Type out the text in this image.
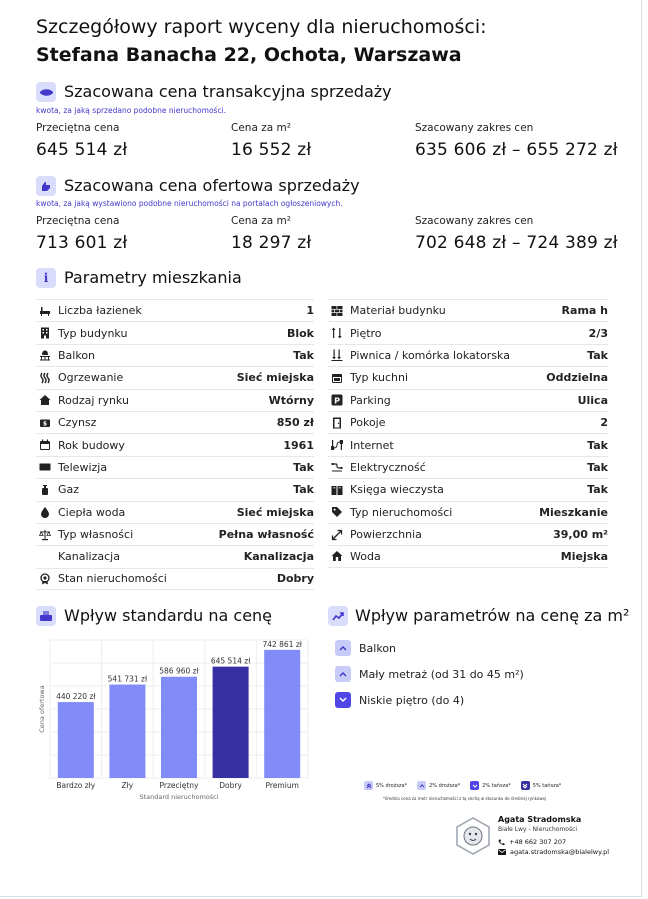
Szczegółowy raport wyceny dla nieruchomości:
Stefana Banacha 22, Ochota, Warszawa
Szacowana cena transakcyjna sprzedaży
kwota, za jaką sprzedano podobne nieruchomości.
Przeciętna cena
645 514 zł
Cena za m²
16 552 zł
Szacowany zakres cen
635 606 zł – 655 272 zł
Szacowana cena ofertowa sprzedaży
kwota, za jaką wystawiono podobne nieruchomości na portalach ogłoszeniowych.
Przeciętna cena
713 601 zł
Cena za m²
18 297 zł
Szacowany zakres cen
702 648 zł – 724 389 zł
i Parametry mieszkania
Liczba łazienek	1
Typ budynku	Blok
Balkon	Tak
Ogrzewanie	Sieć miejska
Rodzaj rynku	Wtórny
$ Czynsz	850 zł
Rok budowy	1961
Telewizja	Tak
Gaz	Tak
Ciepła woda	Sieć miejska
Typ własności	Pełna własność
Kanalizacja	Kanalizacja
Stan nieruchomości	Dobry
Materiał budynku	Rama h
Piętro	2/3
Piwnica / komórka lokatorska	Tak
Typ kuchni	Oddzielna
P Parking	Ulica
Pokoje	2
Internet	Tak
Elektryczność	Tak
Księga wieczysta	Tak
Typ nieruchomości	Mieszkanie
Powierzchnia	39,00 m²
Woda	Miejska
Wpływ standardu na cenę
440 220 zł
Bardzo zły
541 731 zł
Zły
586 960 zł
Przeciętny
645 514 zł
Dobry
742 861 zł
Premium
Standard nieruchomości
Cena ofertowa
Wpływ parametrów na cenę za m²
Balkon
Mały metraż (od 31 do 45 m²)
Niskie piętro (do 4)
5% droższa*	2% droższa*	2% tańsza*	5% tańsza*
*średnia cena za metr nieruchomości z tą cechą w stosunku do średniej rynkowej
Agata Stradomska
Białe Lwy - Nieruchomości
+48 662 307 207
agata.stradomska@bialelwy.pl
